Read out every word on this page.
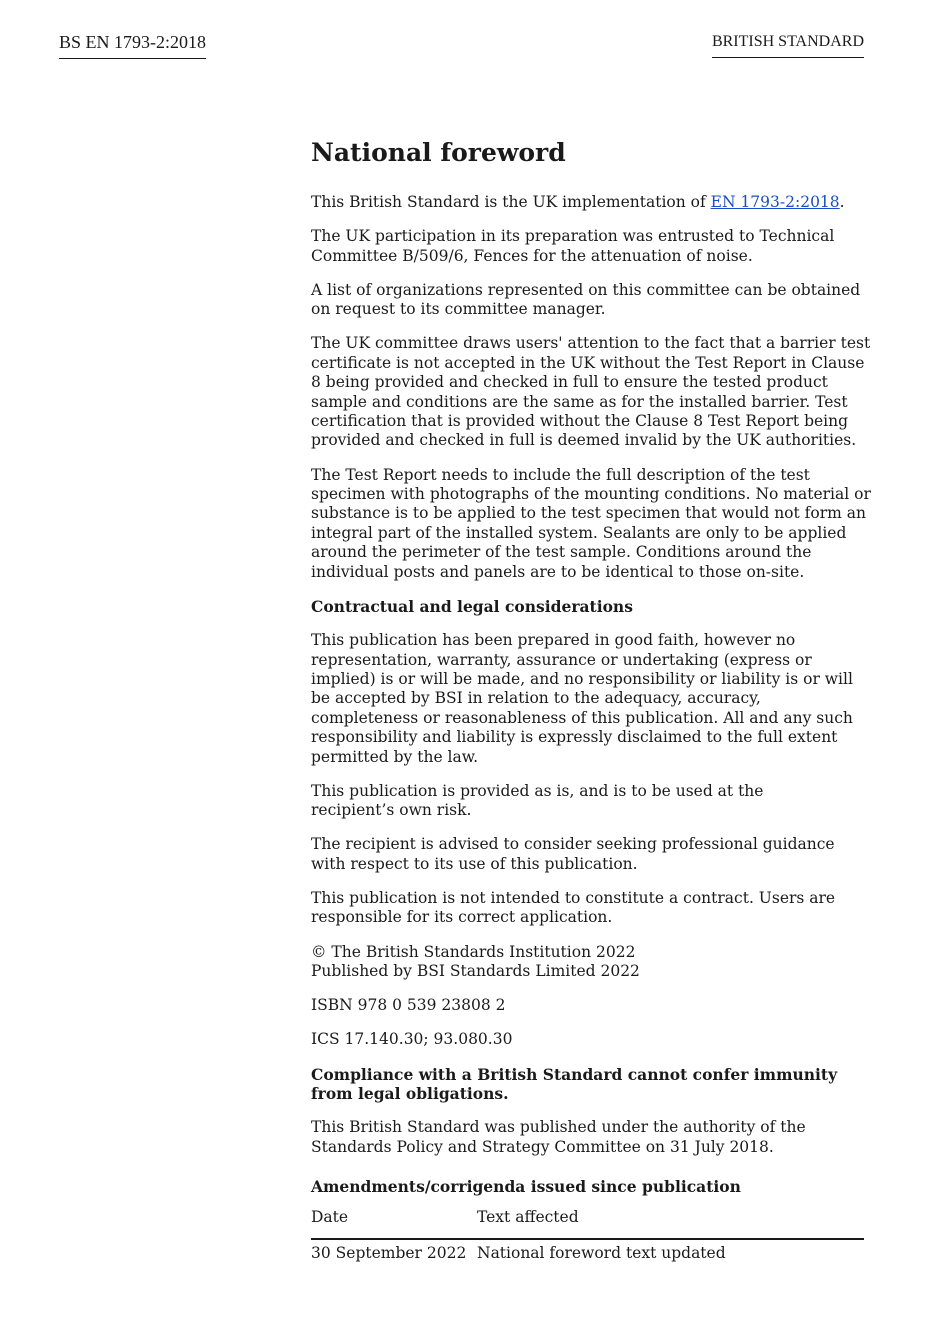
BS EN 1793-2:2018	BRITISH STANDARD
National foreword

This British Standard is the UK implementation of EN 1793-2:2018.

The UK participation in its preparation was entrusted to Technical Committee B/509/6, Fences for the attenuation of noise.

A list of organizations represented on this committee can be obtained on request to its committee manager.

The UK committee draws users' attention to the fact that a barrier test certificate is not accepted in the UK without the Test Report in Clause 8 being provided and checked in full to ensure the tested product sample and conditions are the same as for the installed barrier. Test certification that is provided without the Clause 8 Test Report being provided and checked in full is deemed invalid by the UK authorities.

The Test Report needs to include the full description of the test specimen with photographs of the mounting conditions. No material or substance is to be applied to the test specimen that would not form an integral part of the installed system. Sealants are only to be applied around the perimeter of the test sample. Conditions around the individual posts and panels are to be identical to those on-site.

Contractual and legal considerations

This publication has been prepared in good faith, however no representation, warranty, assurance or undertaking (express or implied) is or will be made, and no responsibility or liability is or will be accepted by BSI in relation to the adequacy, accuracy, completeness or reasonableness of this publication. All and any such responsibility and liability is expressly disclaimed to the full extent permitted by the law.

This publication is provided as is, and is to be used at the
recipient’s own risk.

The recipient is advised to consider seeking professional guidance with respect to its use of this publication.

This publication is not intended to constitute a contract. Users are responsible for its correct application.

© The British Standards Institution 2022
Published by BSI Standards Limited 2022

ISBN 978 0 539 23808 2

ICS 17.140.30; 93.080.30

Compliance with a British Standard cannot confer immunity from legal obligations.

This British Standard was published under the authority of the Standards Policy and Strategy Committee on 31 July 2018.

Amendments/corrigenda issued since publication
Date	Text affected
30 September 2022	National foreword text updated
